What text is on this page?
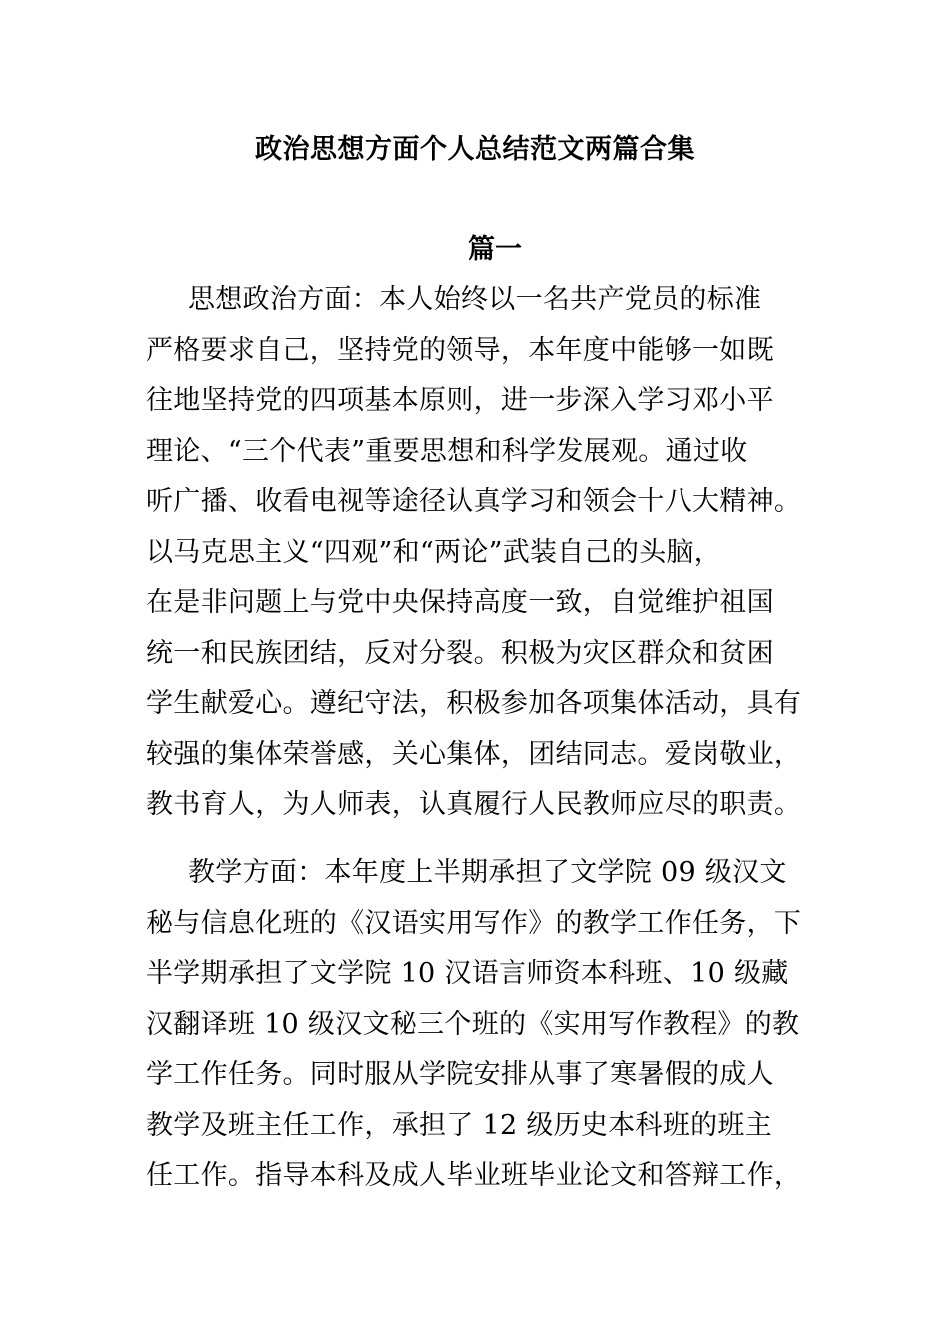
政治思想方面个人总结范文两篇合集
篇一
思想政治方面：本人始终以一名共产党员的标准
严格要求自己，坚持党的领导，本年度中能够一如既
往地坚持党的四项基本原则，进一步深入学习邓小平
理论、“三个代表”重要思想和科学发展观。通过收
听广播、收看电视等途径认真学习和领会十八大精神。
以马克思主义“四观”和“两论”武装自己的头脑，
在是非问题上与党中央保持高度一致，自觉维护祖国
统一和民族团结，反对分裂。积极为灾区群众和贫困
学生献爱心。遵纪守法，积极参加各项集体活动，具有
较强的集体荣誉感，关心集体，团结同志。爱岗敬业，
教书育人，为人师表，认真履行人民教师应尽的职责。
教学方面：本年度上半期承担了文学院 09 级汉文
秘与信息化班的《汉语实用写作》的教学工作任务，下
半学期承担了文学院 10 汉语言师资本科班、10 级藏
汉翻译班 10 级汉文秘三个班的《实用写作教程》的教
学工作任务。同时服从学院安排从事了寒暑假的成人
教学及班主任工作，承担了 12 级历史本科班的班主
任工作。指导本科及成人毕业班毕业论文和答辩工作，
